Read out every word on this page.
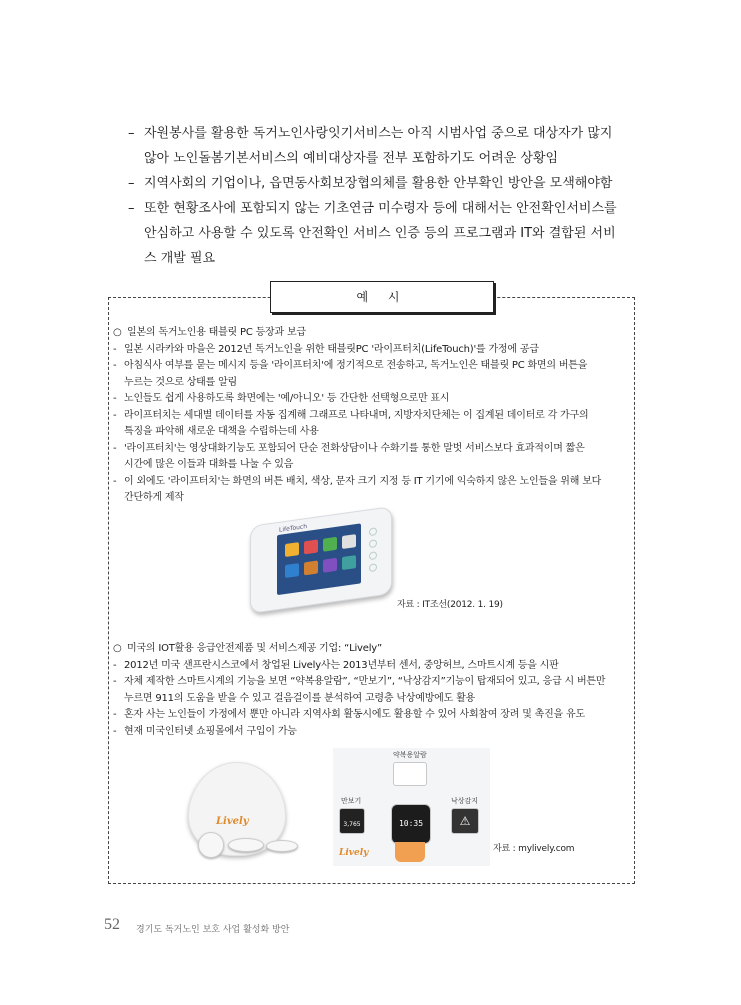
– 자원봉사를 활용한 독거노인사랑잇기서비스는 아직 시범사업 중으로 대상자가 많지
않아 노인돌봄기본서비스의 예비대상자를 전부 포함하기도 어려운 상황임
– 지역사회의 기업이나, 읍면동사회보장협의체를 활용한 안부확인 방안을 모색해야함
– 또한 현황조사에 포함되지 않는 기초연금 미수령자 등에 대해서는 안전확인서비스를
안심하고 사용할 수 있도록 안전확인 서비스 인증 등의 프로그램과 IT와 결합된 서비
스 개발 필요
예 시
○ 일본의 독거노인용 태블릿 PC 등장과 보급
- 일본 시라카와 마을은 2012년 독거노인을 위한 태블릿PC '라이프터치(LifeTouch)'를 가정에 공급
- 아침식사 여부를 묻는 메시지 등을 '라이프터치'에 정기적으로 전송하고, 독거노인은 태블릿 PC 화면의 버튼을
누르는 것으로 상태를 알림
- 노인들도 쉽게 사용하도록 화면에는 '예/아니오' 등 간단한 선택형으로만 표시
- 라이프터치는 세대별 데이터를 자동 집계해 그래프로 나타내며, 지방자치단체는 이 집계된 데이터로 각 가구의
특징을 파악해 새로운 대책을 수립하는데 사용
- '라이프터치'는 영상대화기능도 포함되어 단순 전화상담이나 수화기를 통한 말벗 서비스보다 효과적이며 짧은
시간에 많은 이들과 대화를 나눌 수 있음
- 이 외에도 '라이프터치'는 화면의 버튼 배치, 색상, 문자 크기 지정 등 IT 기기에 익숙하지 않은 노인들을 위해 보다
간단하게 제작
LifeTouch
자료 : IT조선(2012. 1. 19)
○ 미국의 IOT활용 응급안전제품 및 서비스제공 기업: “Lively”
- 2012년 미국 샌프란시스코에서 창업된 Lively사는 2013년부터 센서, 중앙허브, 스마트시계 등을 시판
- 자체 제작한 스마트시계의 기능을 보면 “약복용알람”, “만보기”, “낙상감지”기능이 탑재되어 있고, 응급 시 버튼만
누르면 911의 도움을 받을 수 있고 걸음걸이를 분석하여 고령층 낙상예방에도 활용
- 혼자 사는 노인들이 가정에서 뿐만 아니라 지역사회 활동시에도 활용할 수 있어 사회참여 장려 및 촉진을 유도
- 현재 미국인터넷 쇼핑몰에서 구입이 가능
Lively
약복용알람
만보기
3,765
낙상감지
⚠
10:35
Lively	자료 : mylively.com
52 경기도 독거노인 보호 사업 활성화 방안
